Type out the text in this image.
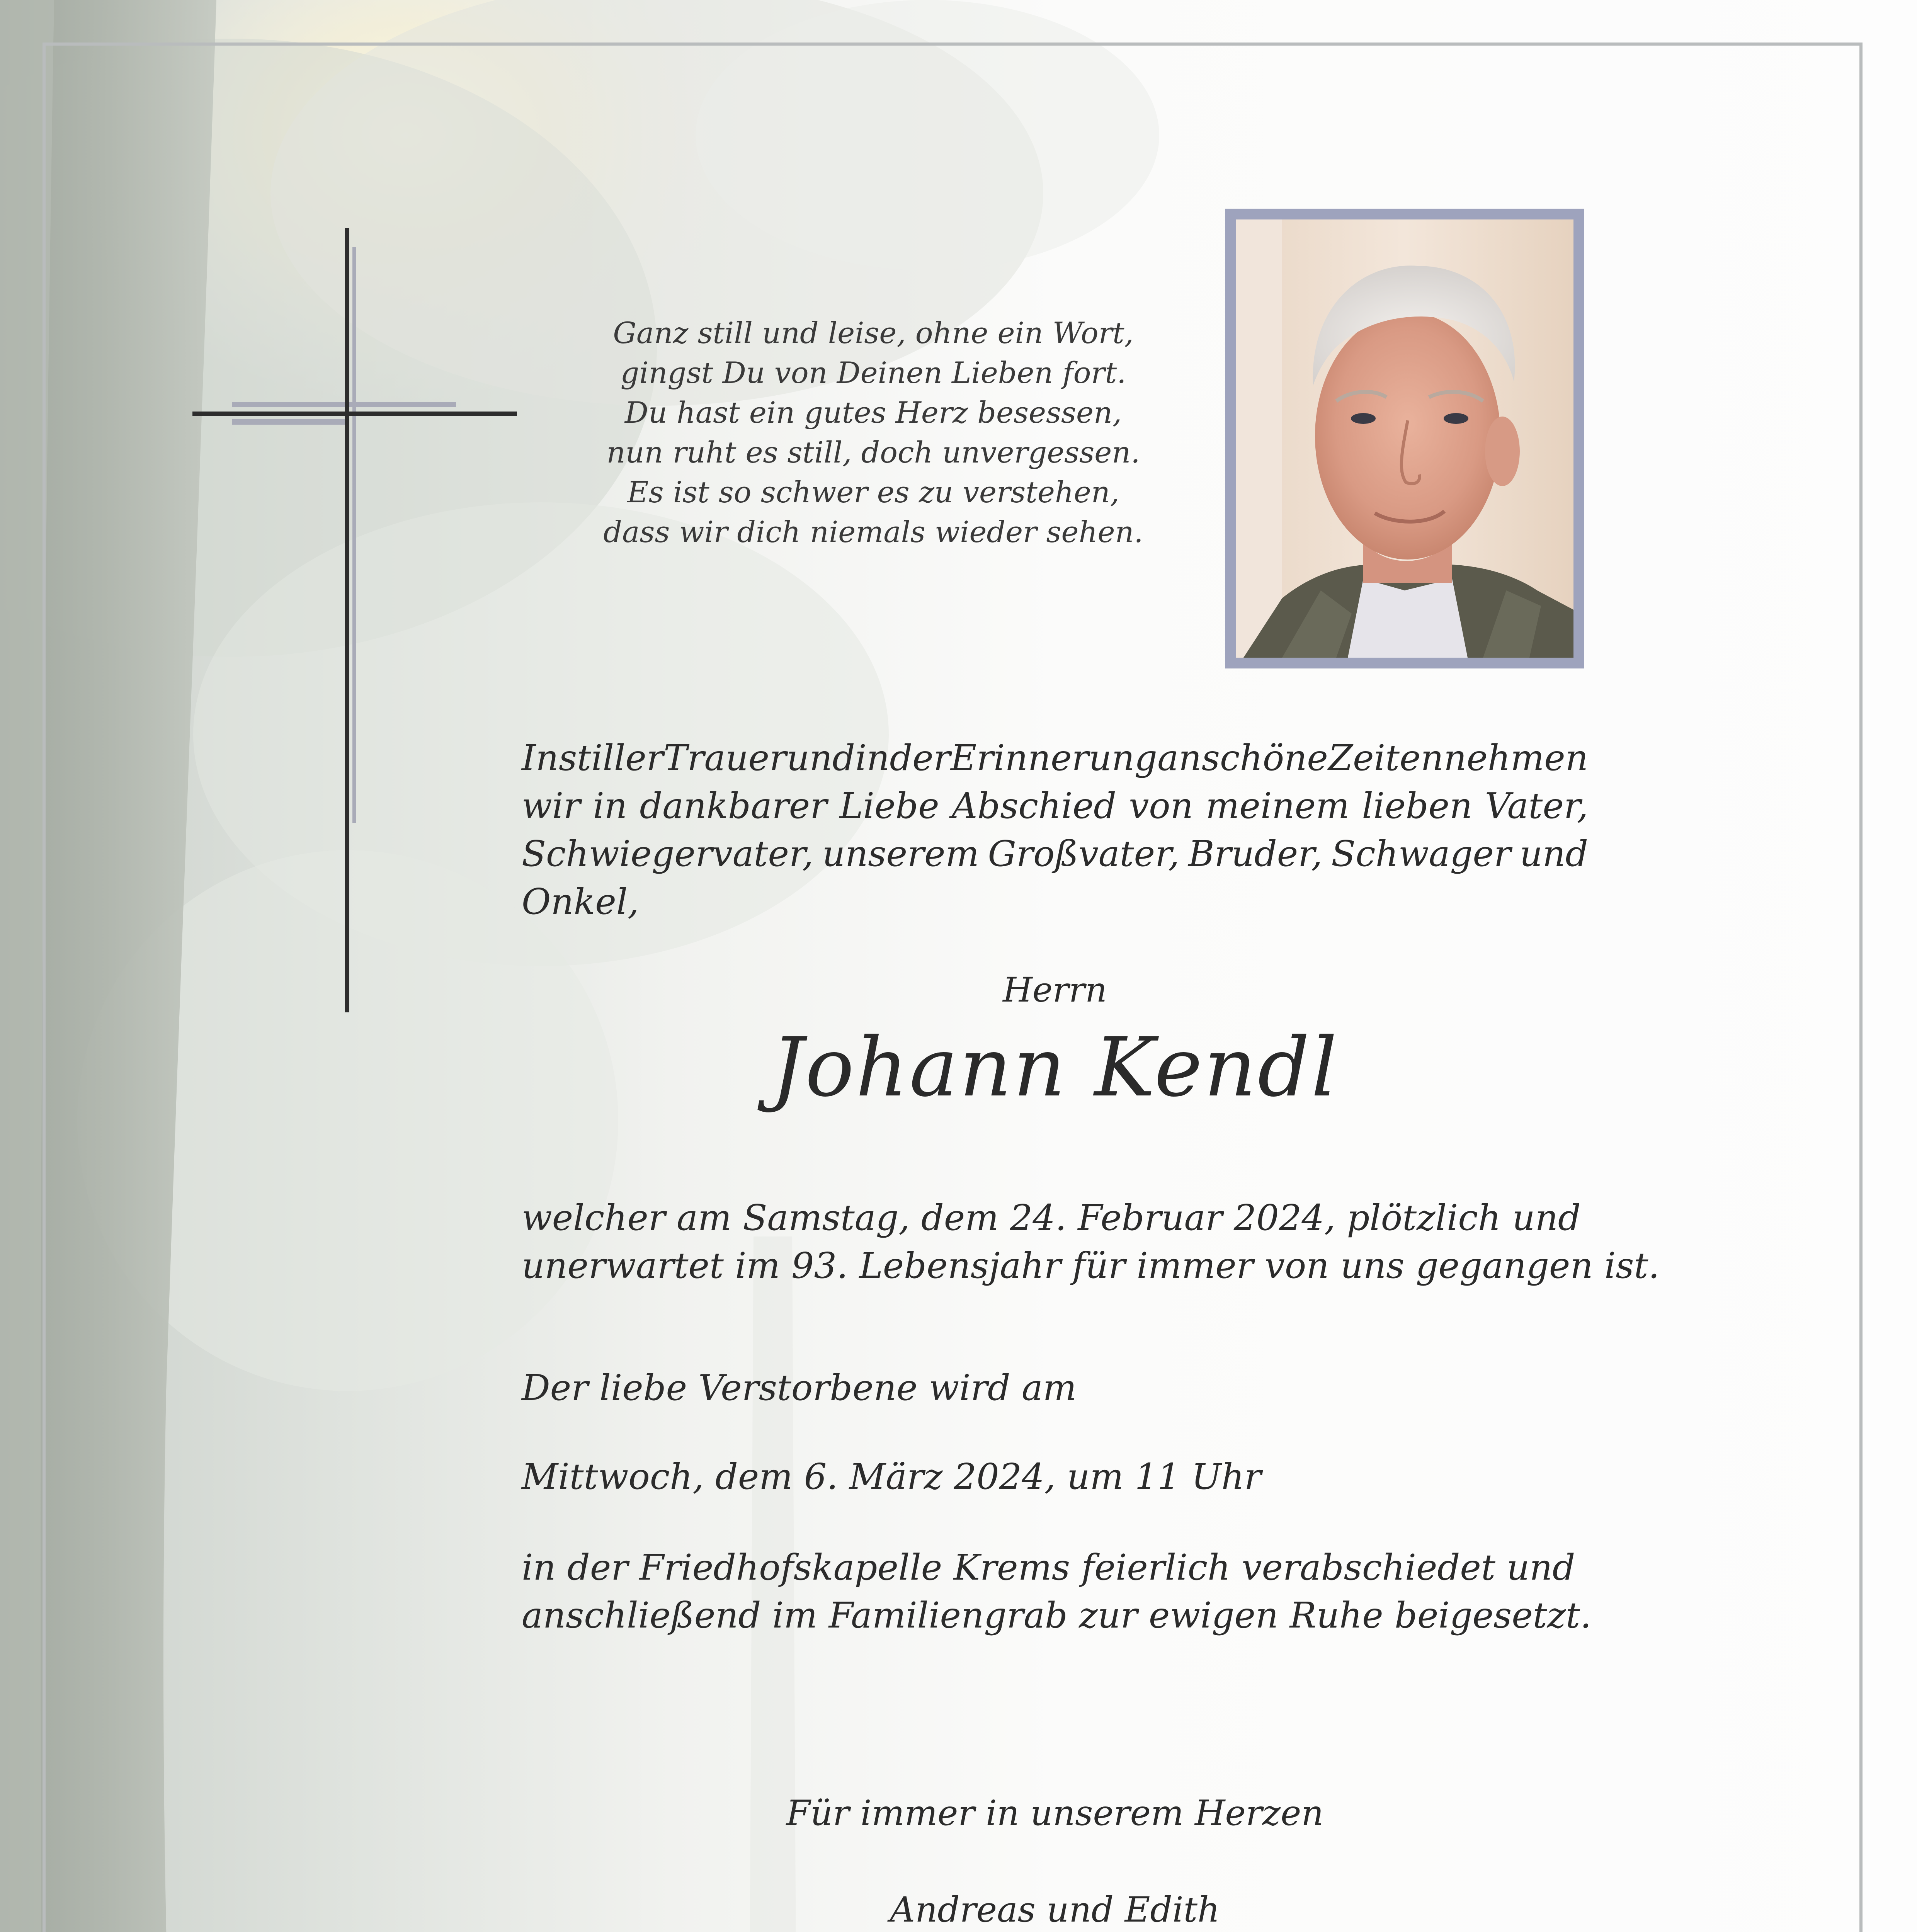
Ganz still und leise, ohne ein Wort,
gingst Du von Deinen Lieben fort.
Du hast ein gutes Herz besessen,
nun ruht es still, doch unvergessen.
Es ist so schwer es zu verstehen,
dass wir dich niemals wieder sehen.
In stiller Trauer und in der Erinnerung an schöne Zeiten nehmen
wir in dankbarer Liebe Abschied von meinem lieben Vater,
Schwiegervater, unserem Großvater, Bruder, Schwager und
Onkel,
Herrn
Johann Kendl
welcher am Samstag, dem 24. Februar 2024, plötzlich und
unerwartet im 93. Lebensjahr für immer von uns gegangen ist.
Der liebe Verstorbene wird am
Mittwoch, dem 6. März 2024, um 11 Uhr
in der Friedhofskapelle Krems feierlich verabschiedet und
anschließend im Familiengrab zur ewigen Ruhe beigesetzt.
Für immer in unserem Herzen
Andreas und Edith
